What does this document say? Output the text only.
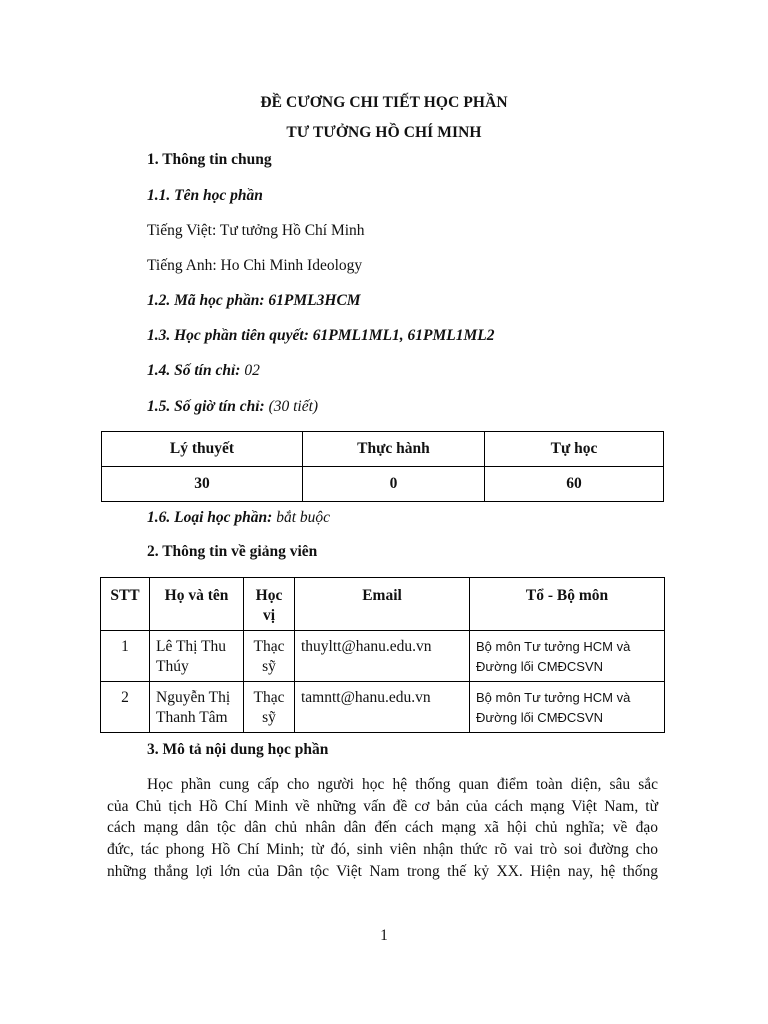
ĐỀ CƯƠNG CHI TIẾT HỌC PHẦN
TƯ TƯỞNG HỒ CHÍ MINH
1. Thông tin chung
1.1. Tên học phần
Tiếng Việt: Tư tưởng Hồ Chí Minh
Tiếng Anh: Ho Chi Minh Ideology
1.2. Mã học phần: 61PML3HCM
1.3. Học phần tiên quyết: 61PML1ML1, 61PML1ML2
1.4. Số tín chỉ: 02
1.5. Số giờ tín chỉ: (30 tiết)
Lý thuyết	Thực hành	Tự học
30	0	60
1.6. Loại học phần: bắt buộc
2. Thông tin về giảng viên
STT	Họ và tên	Học vị	Email	Tổ - Bộ môn
1	Lê Thị Thu Thúy	Thạc sỹ	thuyltt@hanu.edu.vn	Bộ môn Tư tưởng HCM và Đường lối CMĐCSVN
2	Nguyễn Thị Thanh Tâm	Thạc sỹ	tamntt@hanu.edu.vn	Bộ môn Tư tưởng HCM và Đường lối CMĐCSVN
3. Mô tả nội dung học phần
Học phần cung cấp cho người học hệ thống quan điểm toàn diện, sâu sắc
của Chủ tịch Hồ Chí Minh về những vấn đề cơ bản của cách mạng Việt Nam, từ
cách mạng dân tộc dân chủ nhân dân đến cách mạng xã hội chủ nghĩa; về đạo
đức, tác phong Hồ Chí Minh; từ đó, sinh viên nhận thức rõ vai trò soi đường cho
những thắng lợi lớn của Dân tộc Việt Nam trong thế kỷ XX. Hiện nay, hệ thống
1
